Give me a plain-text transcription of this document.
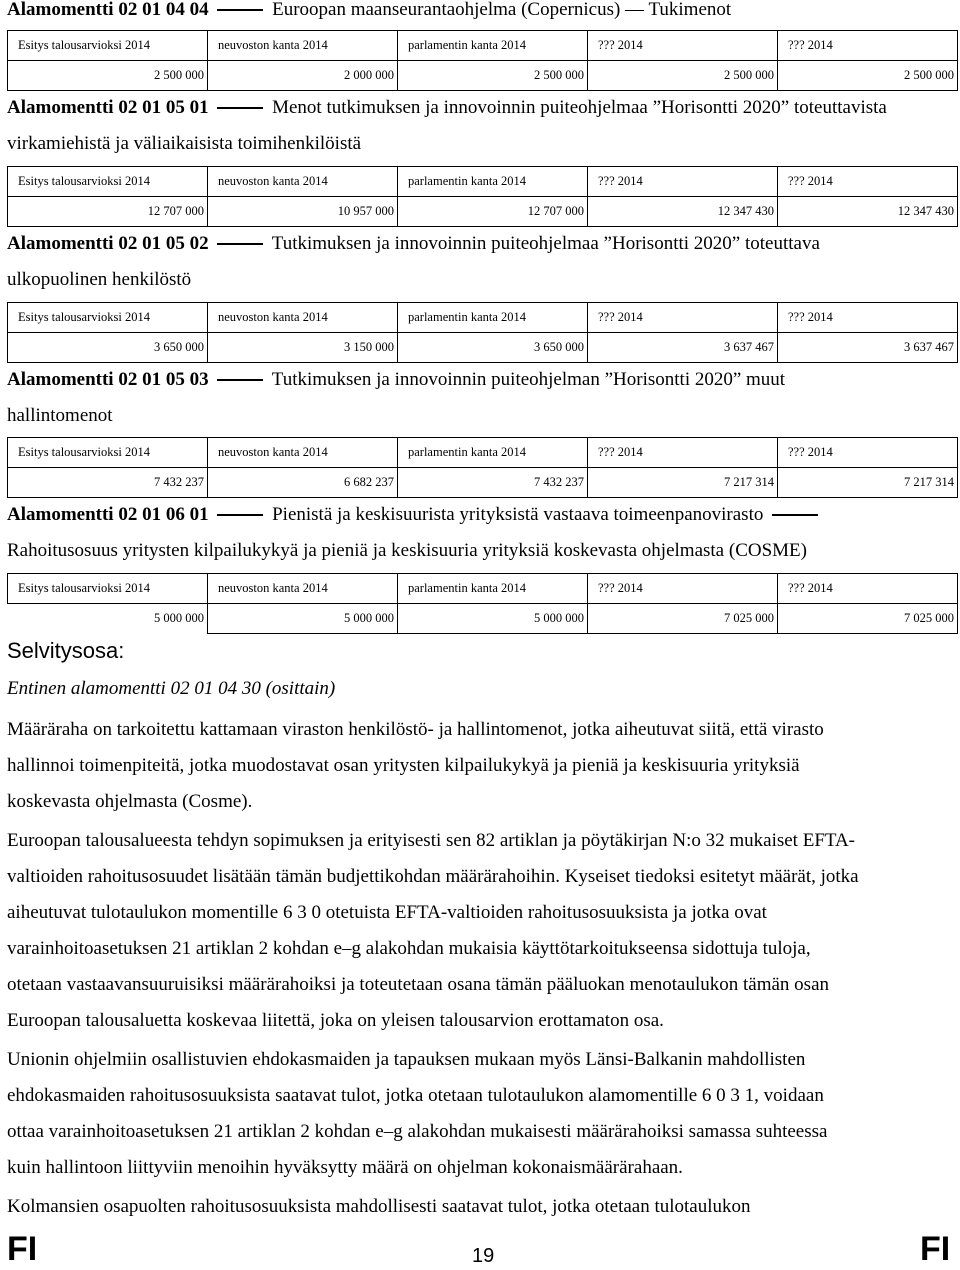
Alamomentti 02 01 04 04	Euroopan maanseurantaohjelma (Copernicus) — Tukimenot
Esitys talousarvioksi 2014	neuvoston kanta 2014	parlamentin kanta 2014	??? 2014	??? 2014
2 500 000	2 000 000	2 500 000	2 500 000	2 500 000
Alamomentti 02 01 05 01	Menot tutkimuksen ja innovoinnin puiteohjelmaa ”Horisontti 2020” toteuttavista
virkamiehistä ja väliaikaisista toimihenkilöistä
Esitys talousarvioksi 2014	neuvoston kanta 2014	parlamentin kanta 2014	??? 2014	??? 2014
12 707 000	10 957 000	12 707 000	12 347 430	12 347 430
Alamomentti 02 01 05 02	Tutkimuksen ja innovoinnin puiteohjelmaa ”Horisontti 2020” toteuttava
ulkopuolinen henkilöstö
Esitys talousarvioksi 2014	neuvoston kanta 2014	parlamentin kanta 2014	??? 2014	??? 2014
3 650 000	3 150 000	3 650 000	3 637 467	3 637 467
Alamomentti 02 01 05 03	Tutkimuksen ja innovoinnin puiteohjelman ”Horisontti 2020” muut
hallintomenot
Esitys talousarvioksi 2014	neuvoston kanta 2014	parlamentin kanta 2014	??? 2014	??? 2014
7 432 237	6 682 237	7 432 237	7 217 314	7 217 314
Alamomentti 02 01 06 01	Pienistä ja keskisuurista yrityksistä vastaava toimeenpanovirasto
Rahoitusosuus yritysten kilpailukykyä ja pieniä ja keskisuuria yrityksiä koskevasta ohjelmasta (COSME)
Esitys talousarvioksi 2014	neuvoston kanta 2014	parlamentin kanta 2014	??? 2014	??? 2014
5 000 000	5 000 000	5 000 000	7 025 000	7 025 000
Selvitysosa:
Entinen alamomentti 02 01 04 30 (osittain)
Määräraha on tarkoitettu kattamaan viraston henkilöstö- ja hallintomenot, jotka aiheutuvat siitä, että virasto
hallinnoi toimenpiteitä, jotka muodostavat osan yritysten kilpailukykyä ja pieniä ja keskisuuria yrityksiä
koskevasta ohjelmasta (Cosme).
Euroopan talousalueesta tehdyn sopimuksen ja erityisesti sen 82 artiklan ja pöytäkirjan N:o 32 mukaiset EFTA-
valtioiden rahoitusosuudet lisätään tämän budjettikohdan määrärahoihin. Kyseiset tiedoksi esitetyt määrät, jotka
aiheutuvat tulotaulukon momentille 6 3 0 otetuista EFTA-valtioiden rahoitusosuuksista ja jotka ovat
varainhoitoasetuksen 21 artiklan 2 kohdan e–g alakohdan mukaisia käyttötarkoitukseensa sidottuja tuloja,
otetaan vastaavansuuruisiksi määrärahoiksi ja toteutetaan osana tämän pääluokan menotaulukon tämän osan
Euroopan talousaluetta koskevaa liitettä, joka on yleisen talousarvion erottamaton osa.
Unionin ohjelmiin osallistuvien ehdokasmaiden ja tapauksen mukaan myös Länsi-Balkanin mahdollisten
ehdokasmaiden rahoitusosuuksista saatavat tulot, jotka otetaan tulotaulukon alamomentille 6 0 3 1, voidaan
ottaa varainhoitoasetuksen 21 artiklan 2 kohdan e–g alakohdan mukaisesti määrärahoiksi samassa suhteessa
kuin hallintoon liittyviin menoihin hyväksytty määrä on ohjelman kokonaismäärärahaan.
Kolmansien osapuolten rahoitusosuuksista mahdollisesti saatavat tulot, jotka otetaan tulotaulukon
FI	19	FI
